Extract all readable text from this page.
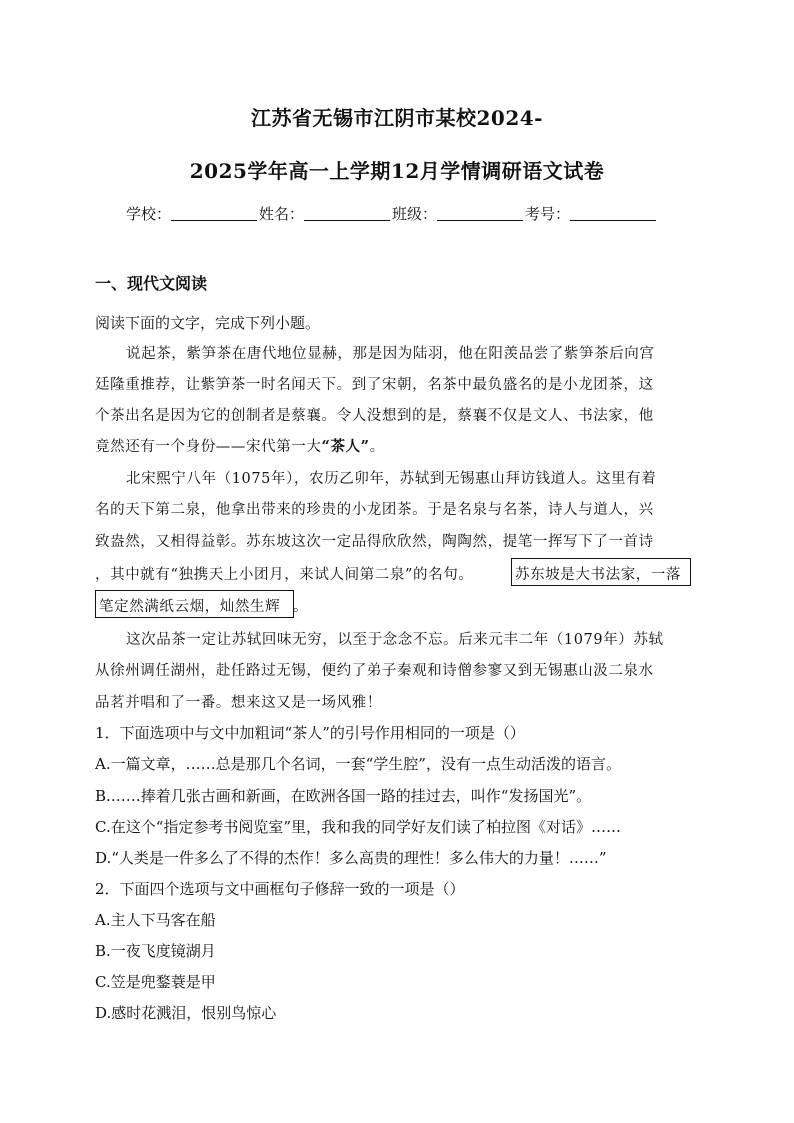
江苏省无锡市江阴市某校2024-
2025学年高一上学期12月学情调研语文试卷
学校：	姓名：	班级：	考号：
一、现代文阅读
阅读下面的文字，完成下列小题。
说起茶，紫笋茶在唐代地位显赫，那是因为陆羽，他在阳羡品尝了紫笋茶后向宫
廷隆重推荐，让紫笋茶一时名闻天下。到了宋朝，名茶中最负盛名的是小龙团茶，这
个茶出名是因为它的创制者是蔡襄。令人没想到的是，蔡襄不仅是文人、书法家，他
竟然还有一个身份——宋代第一大“茶人”。
北宋熙宁八年（1075年），农历乙卯年，苏轼到无锡惠山拜访钱道人。这里有着
名的天下第二泉，他拿出带来的珍贵的小龙团茶。于是名泉与名茶，诗人与道人，兴
致盎然，又相得益彰。苏东坡这次一定品得欣欣然，陶陶然，提笔一挥写下了一首诗
，其中就有“独携天上小团月，来试人间第二泉”的名句。	苏东坡是大书法家，一落
笔定然满纸云烟，灿然生辉 。
这次品茶一定让苏轼回味无穷，以至于念念不忘。后来元丰二年（1079年）苏轼
从徐州调任湖州，赴任路过无锡，便约了弟子秦观和诗僧参寥又到无锡惠山汲二泉水
品茗并唱和了一番。想来这又是一场风雅！
1．下面选项中与文中加粗词“茶人”的引号作用相同的一项是（）
A.一篇文章，……总是那几个名词，一套“学生腔”，没有一点生动活泼的语言。
B.……捧着几张古画和新画，在欧洲各国一路的挂过去，叫作“发扬国光”。
C.在这个“指定参考书阅览室”里，我和我的同学好友们读了柏拉图《对话》……
D.“人类是一件多么了不得的杰作！多么高贵的理性！多么伟大的力量！……”
2．下面四个选项与文中画框句子修辞一致的一项是（）
A.主人下马客在船
B.一夜飞度镜湖月
C.笠是兜鍪蓑是甲
D.感时花溅泪，恨别鸟惊心
